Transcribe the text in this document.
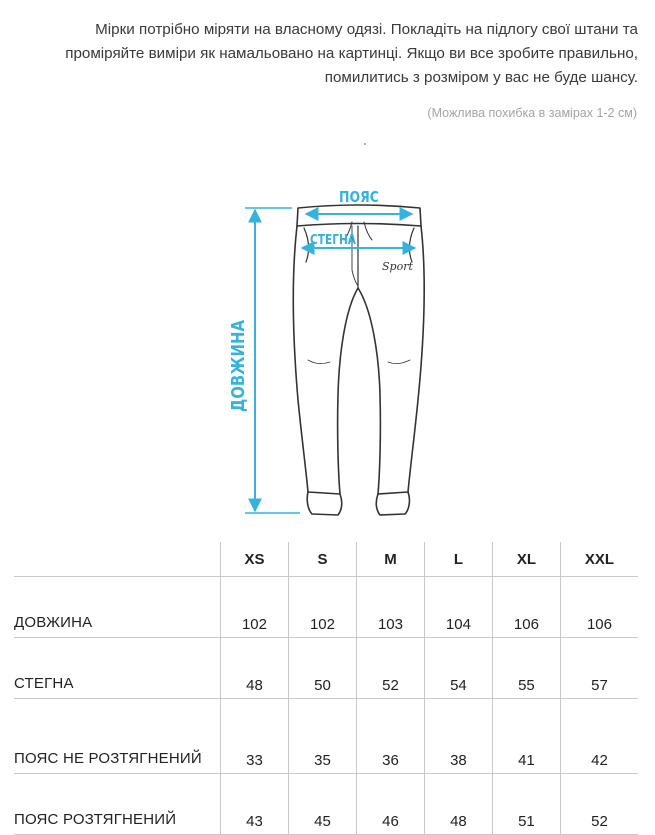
Мірки потрібно міряти на власному одязі. Покладіть на підлогу свої штани та проміряйте виміри як намальовано на картинці. Якщо ви все зробите правильно, помилитись з розміром у вас не буде шансу.
(Можлива похибка в замірах 1-2 см)
Sport
ПОЯС
СТЕГНА
ДОВЖИНА
	XS	S	M	L	XL	XXL
ДОВЖИНА	102	102	103	104	106	106
СТЕГНА	48	50	52	54	55	57
ПОЯС НЕ РОЗТЯГНЕНИЙ	33	35	36	38	41	42
ПОЯС РОЗТЯГНЕНИЙ	43	45	46	48	51	52
